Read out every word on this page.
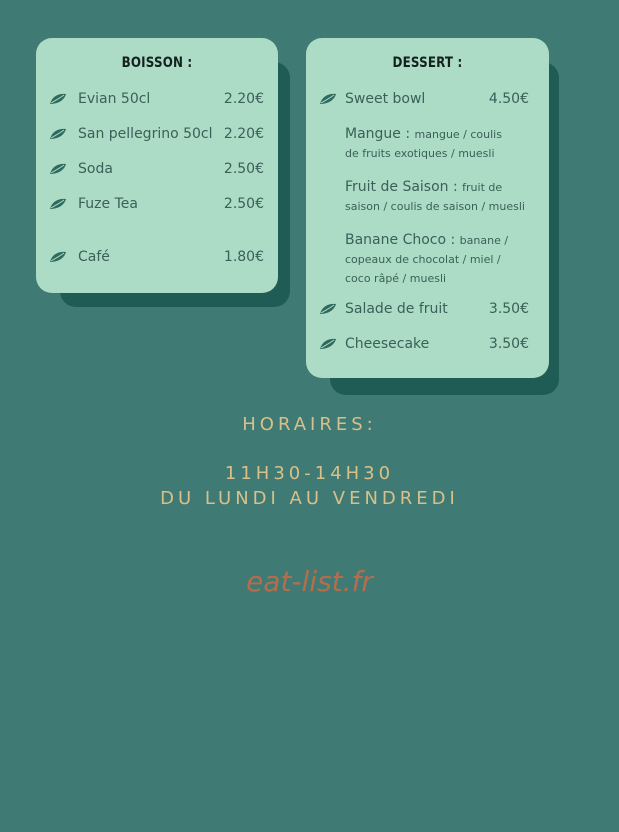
BOISSON :
Evian 50cl	2.20€
San pellegrino 50cl 2.20€
Soda	2.50€
Fuze Tea	2.50€
Café	1.80€
DESSERT :
Sweet bowl	4.50€
Mangue : mangue / coulis
de fruits exotiques / muesli
Fruit de Saison : fruit de
saison / coulis de saison / muesli
Banane Choco : banane /
copeaux de chocolat / miel /
coco râpé / muesli
Salade de fruit	3.50€
Cheesecake	3.50€
HORAIRES:
11H30-14H30
DU LUNDI AU VENDREDI
eat-list.fr
